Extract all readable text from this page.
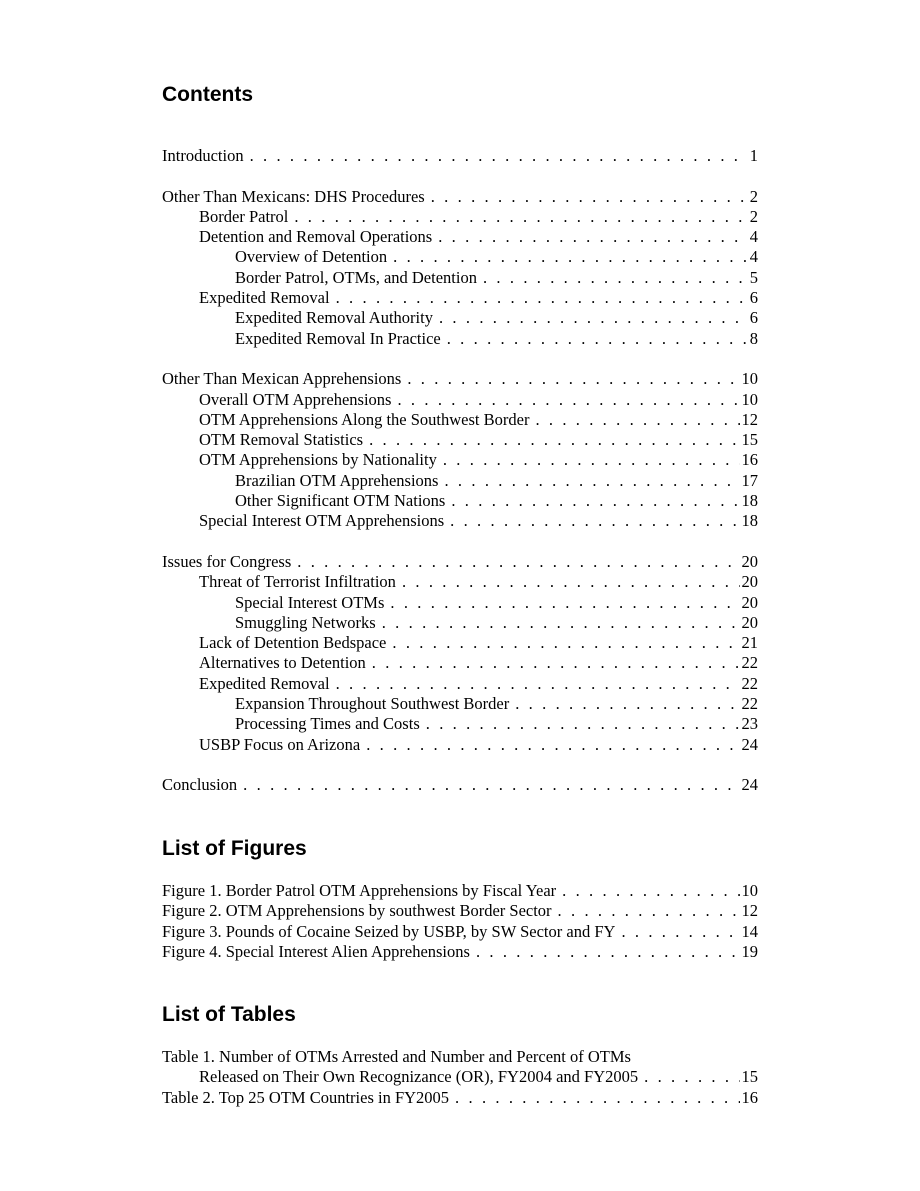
Contents
Introduction . . .	1
Other Than Mexicans: DHS Procedures . . .	2
Border Patrol . . .	2
Detention and Removal Operations . . .	4
Overview of Detention . . .	4
Border Patrol, OTMs, and Detention . . .	5
Expedited Removal . . .	6
Expedited Removal Authority . . .	6
Expedited Removal In Practice . . .	8
Other Than Mexican Apprehensions . . .	10
Overall OTM Apprehensions . . .	10
OTM Apprehensions Along the Southwest Border . . .	12
OTM Removal Statistics . . .	15
OTM Apprehensions by Nationality . . .	16
Brazilian OTM Apprehensions . . .	17
Other Significant OTM Nations . . .	18
Special Interest OTM Apprehensions . . .	18
Issues for Congress . . .	20
Threat of Terrorist Infiltration . . .	20
Special Interest OTMs . . .	20
Smuggling Networks . . .	20
Lack of Detention Bedspace . . .	21
Alternatives to Detention . . .	22
Expedited Removal . . .	22
Expansion Throughout Southwest Border . . .	22
Processing Times and Costs . . .	23
USBP Focus on Arizona . . .	24
Conclusion . . .	24
List of Figures
Figure 1. Border Patrol OTM Apprehensions by Fiscal Year . . .	10
Figure 2. OTM Apprehensions by southwest Border Sector . . .	12
Figure 3. Pounds of Cocaine Seized by USBP, by SW Sector and FY . . .	14
Figure 4. Special Interest Alien Apprehensions . . .	19
List of Tables
Table 1. Number of OTMs Arrested and Number and Percent of OTMs
Released on Their Own Recognizance (OR), FY2004 and FY2005 . . .	15
Table 2. Top 25 OTM Countries in FY2005 . . .	16
